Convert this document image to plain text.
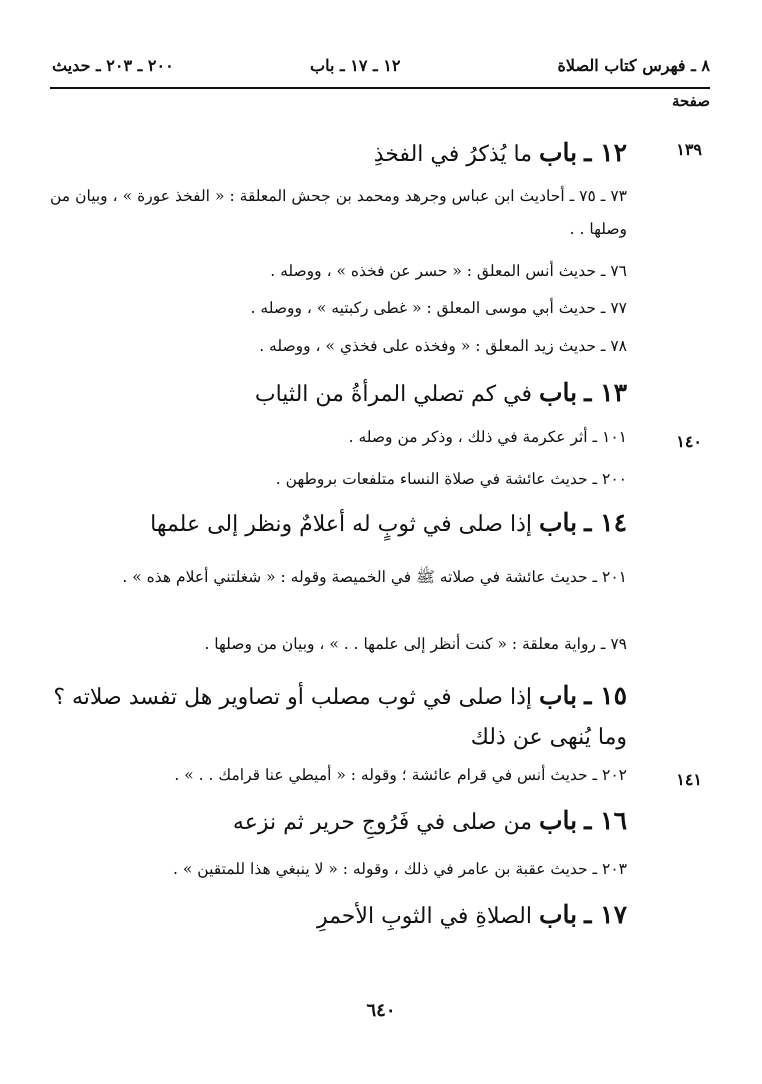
٨ ـ فهرس كتاب الصلاة
١٢ ـ ١٧ ـ باب
٢٠٠ ـ ٢٠٣ ـ حديث
صفحة
١٣٩
١٢ ـ باب ما يُذكرُ في الفخذِ
٧٣ ـ ٧٥ ـ أحاديث ابن عباس وجرهد ومحمد بن جحش المعلقة : « الفخذ عورة » ، وبيان من وصلها . .
٧٦ ـ حديث أنس المعلق : « حسر عن فخذه » ، ووصله .
٧٧ ـ حديث أبي موسى المعلق : « غطى ركبتيه » ، ووصله .
٧٨ ـ حديث زيد المعلق : « وفخذه على فخذي » ، ووصله .
١٣ ـ باب في كم تصلي المرأةُ من الثياب
١٤٠
١٠١ ـ أثر عكرمة في ذلك ، وذكر من وصله .
٢٠٠ ـ حديث عائشة في صلاة النساء متلفعات بروطهن .
١٤ ـ باب إذا صلى في ثوبٍ له أعلامٌ ونظر إلى علمها
٢٠١ ـ حديث عائشة في صلاته ﷺ في الخميصة وقوله : « شغلتني أعلام هذه » .
٧٩ ـ رواية معلقة : « كنت أنظر إلى علمها . . » ، وبيان من وصلها .
١٥ ـ باب إذا صلى في ثوب مصلب أو تصاوير هل تفسد صلاته ؟ وما يُنهى عن ذلك
١٤١
٢٠٢ ـ حديث أنس في قرام عائشة ؛ وقوله : « أميطي عنا قرامك . . » .
١٦ ـ باب من صلى في فَرُوجِ حرير ثم نزعه
٢٠٣ ـ حديث عقبة بن عامر في ذلك ، وقوله : « لا ينبغي هذا للمتقين » .
١٧ ـ باب الصلاةِ في الثوبِ الأحمرِ
٦٤٠
